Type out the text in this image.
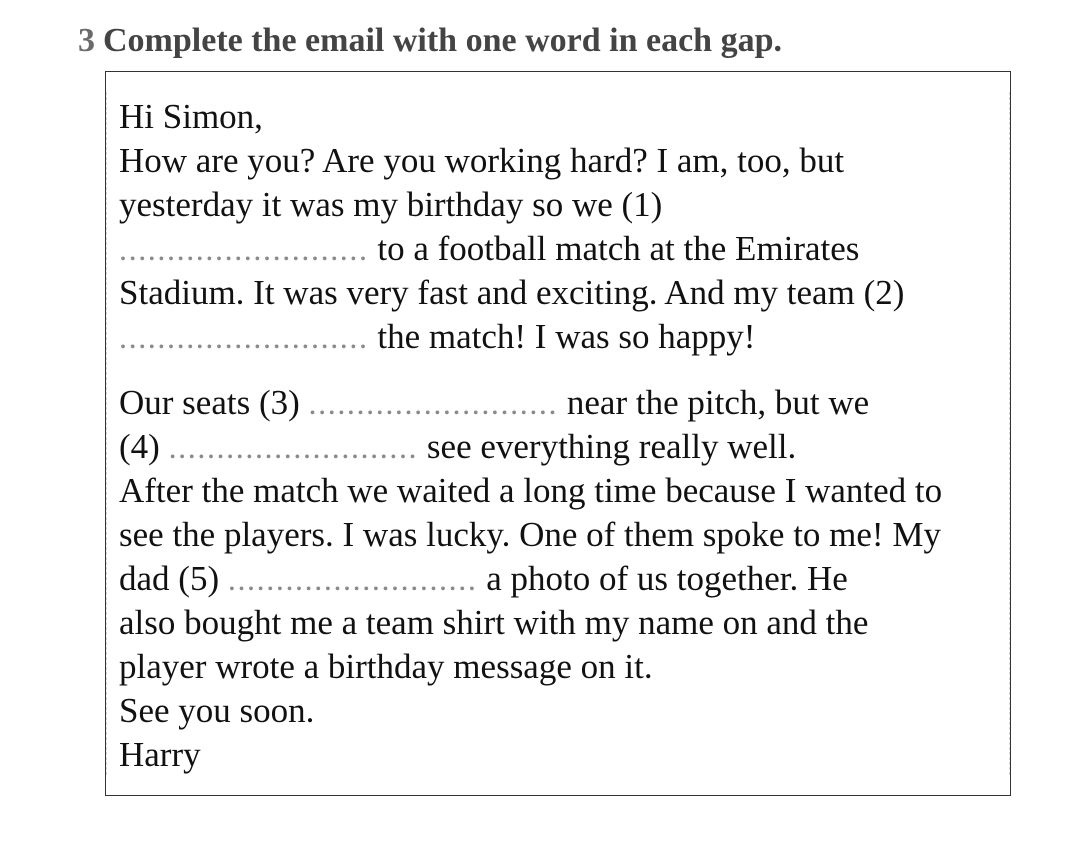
3 Complete the email with one word in each gap.
Hi Simon,
How are you? Are you working hard? I am, too, but
yesterday it was my birthday so we (1)
.......................... to a football match at the Emirates
Stadium. It was very fast and exciting. And my team (2)
.......................... the match! I was so happy!
Our seats (3) .......................... near the pitch, but we
(4) .......................... see everything really well.
After the match we waited a long time because I wanted to
see the players. I was lucky. One of them spoke to me! My
dad (5) .......................... a photo of us together. He
also bought me a team shirt with my name on and the
player wrote a birthday message on it.
See you soon.
Harry
